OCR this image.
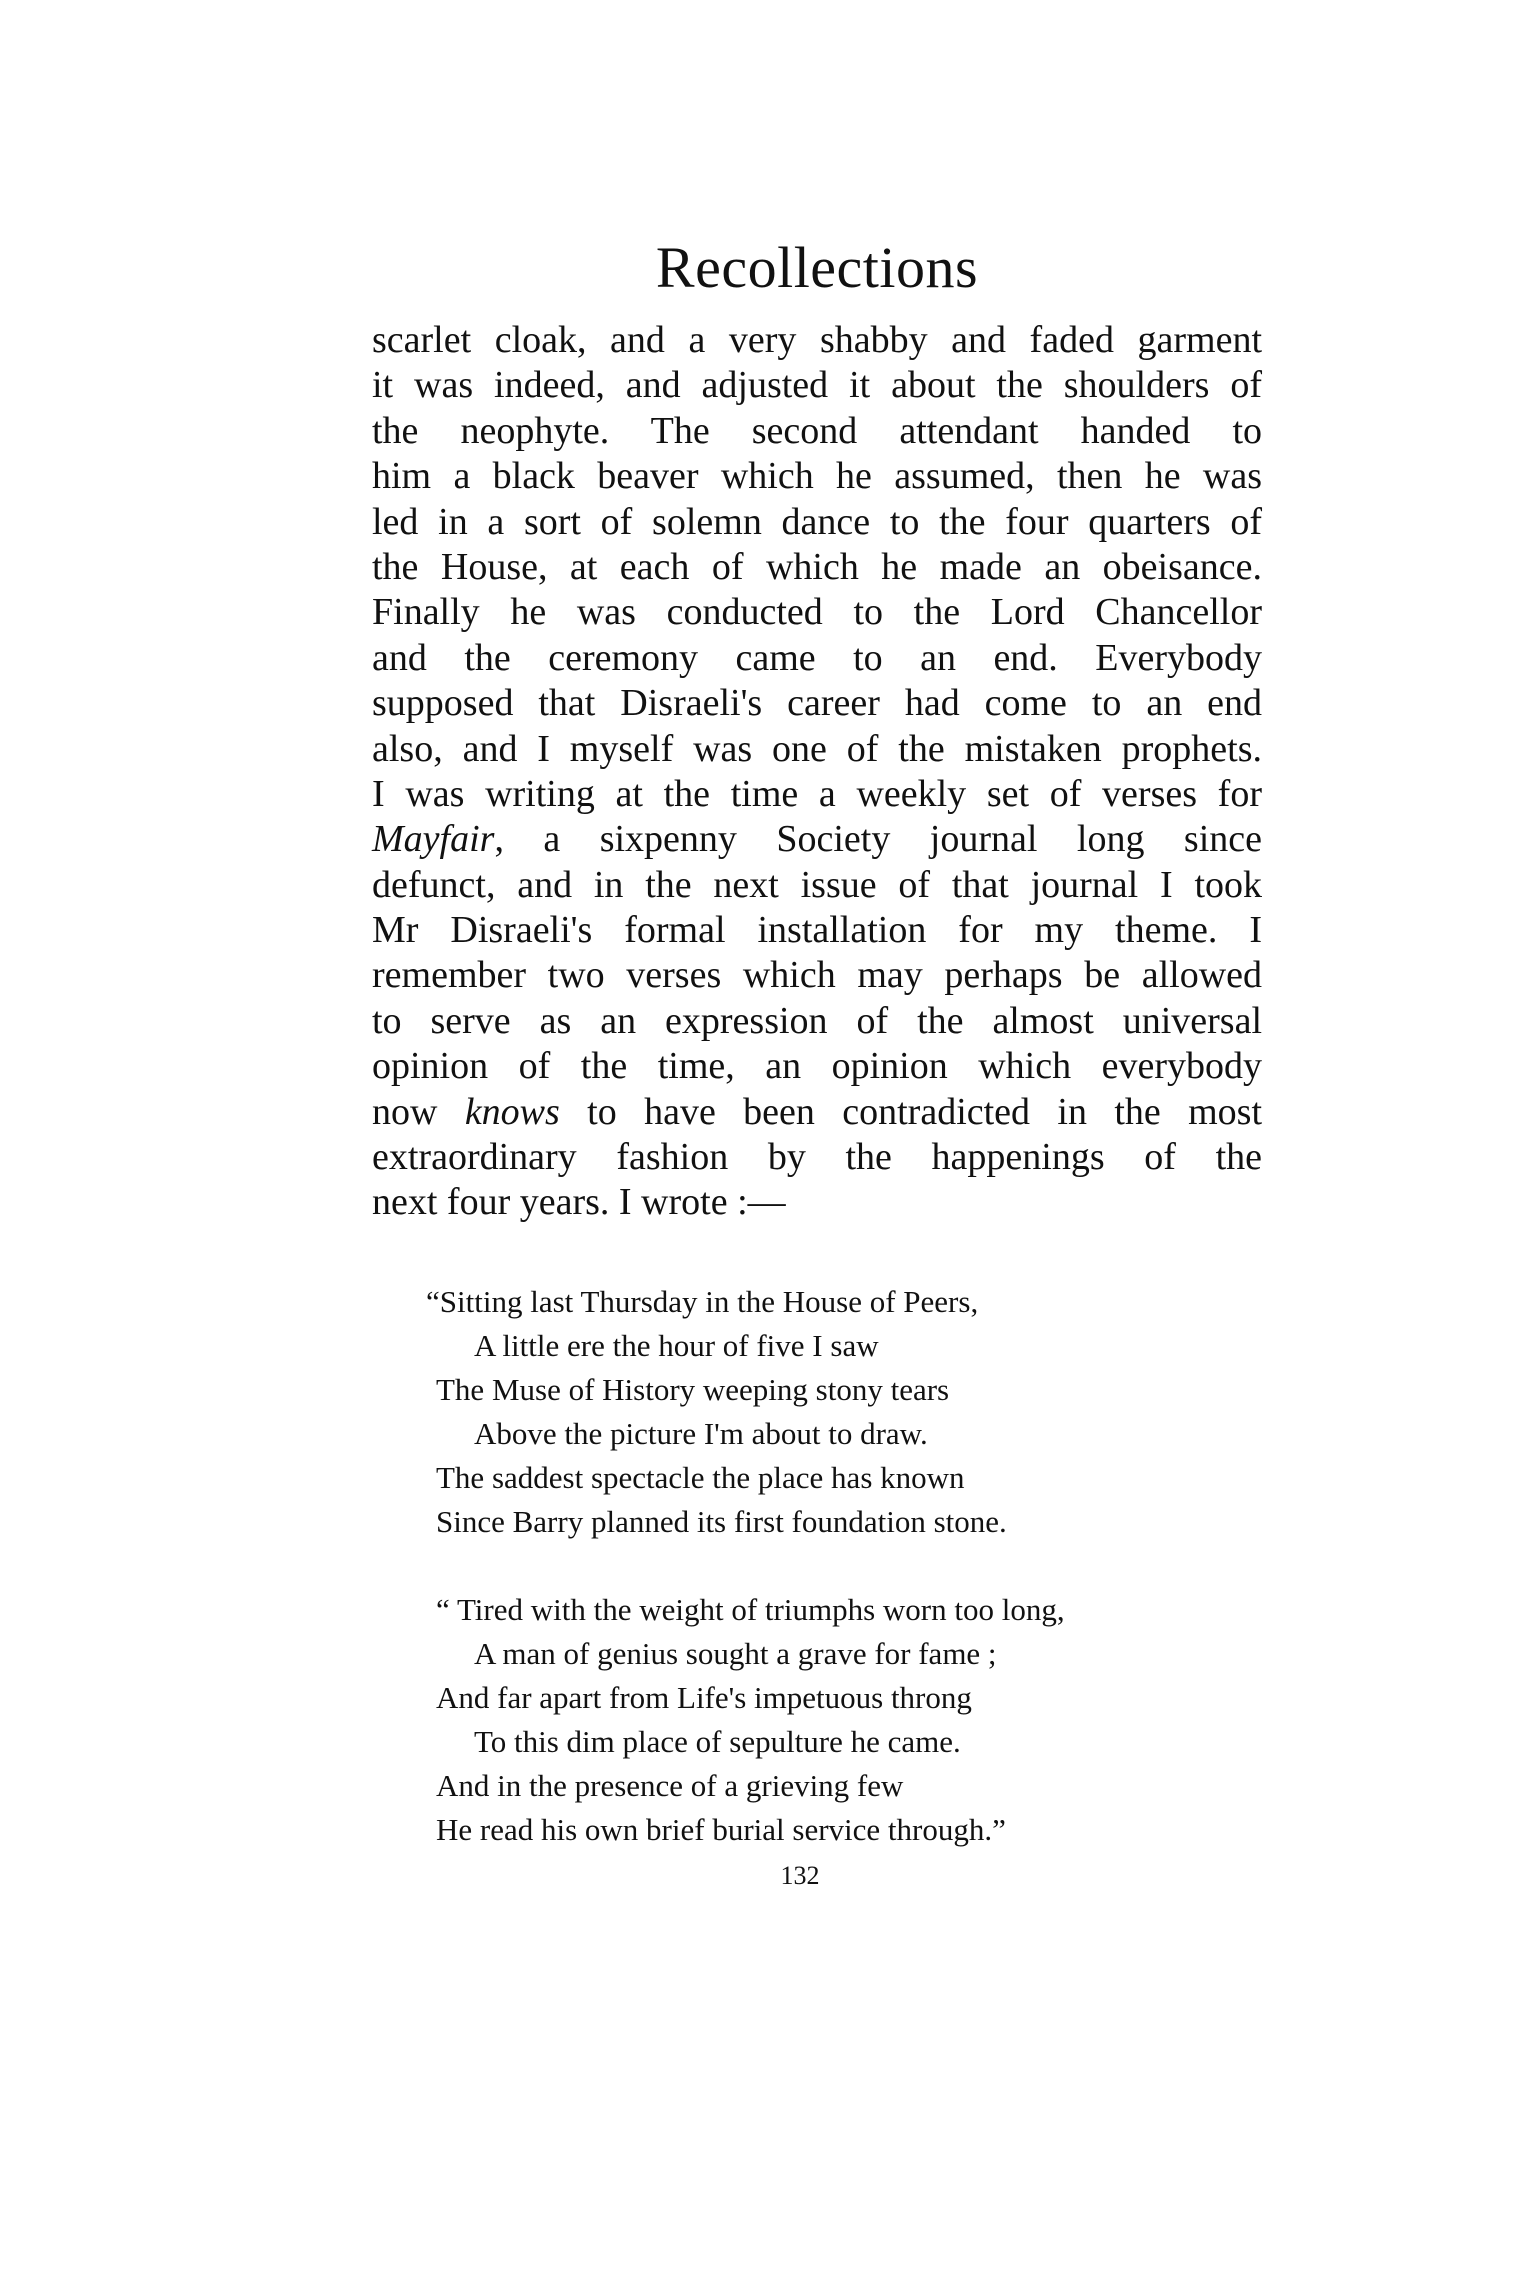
Recollections
scarlet cloak, and a very shabby and faded garment
it was indeed, and adjusted it about the shoulders of
the neophyte. The second attendant handed to
him a black beaver which he assumed, then he was
led in a sort of solemn dance to the four quarters of
the House, at each of which he made an obeisance.
Finally he was conducted to the Lord Chancellor
and the ceremony came to an end. Everybody
supposed that Disraeli's career had come to an end
also, and I myself was one of the mistaken prophets.
I was writing at the time a weekly set of verses for
Mayfair, a sixpenny Society journal long since
defunct, and in the next issue of that journal I took
Mr Disraeli's formal installation for my theme. I
remember two verses which may perhaps be allowed
to serve as an expression of the almost universal
opinion of the time, an opinion which everybody
now knows to have been contradicted in the most
extraordinary fashion by the happenings of the
next four years. I wrote :—
“Sitting last Thursday in the House of Peers,
A little ere the hour of five I saw
The Muse of History weeping stony tears
Above the picture I'm about to draw.
The saddest spectacle the place has known
Since Barry planned its first foundation stone.
“ Tired with the weight of triumphs worn too long,
A man of genius sought a grave for fame ;
And far apart from Life's impetuous throng
To this dim place of sepulture he came.
And in the presence of a grieving few
He read his own brief burial service through.”
132
